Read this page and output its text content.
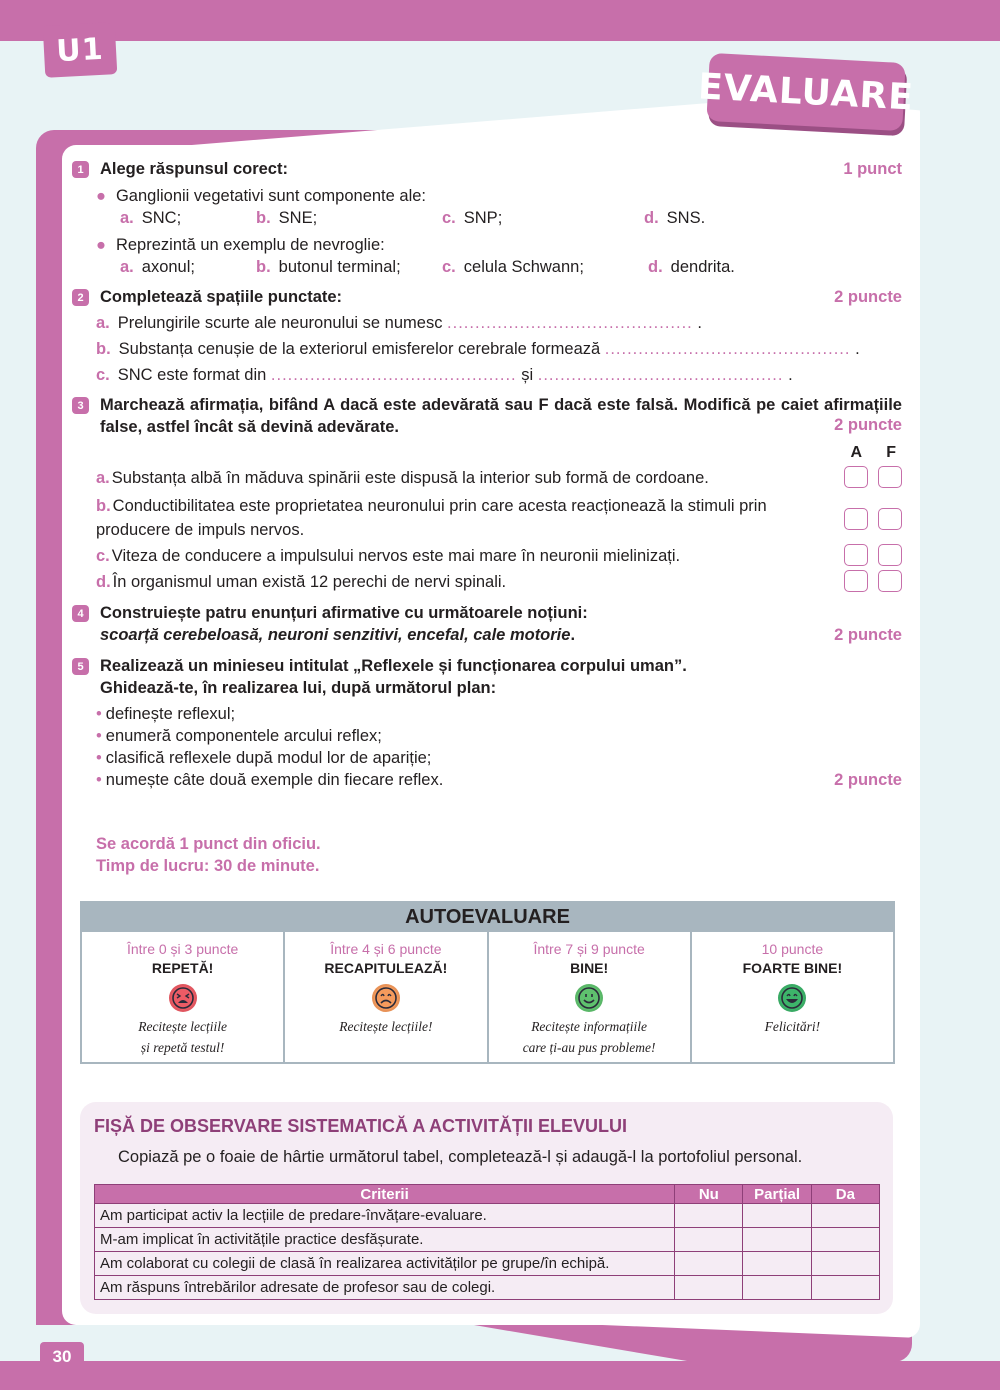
U1
EVALUARE
1 Alege răspunsul corect:	1 punct
● Ganglionii vegetativi sunt componente ale:
a. SNC;	b. SNE;	c. SNP;	d. SNS.
● Reprezintă un exemplu de nevroglie:
a. axonul;	b. butonul terminal;	c. celula Schwann;	d. dendrita.
2 Completează spațiile punctate:	2 puncte
a. Prelungirile scurte ale neuronului se numesc ............................................ .
b. Substanța cenușie de la exteriorul emisferelor cerebrale formează ............................................ .
c. SNC este format din ............................................ și ............................................ .
3 Marchează afirmația, bifând A dacă este adevărată sau F dacă este falsă. Modifică pe caiet afirmațiile false, astfel încât să devină adevărate.	2 puncte
A F
a. Substanța albă în măduva spinării este dispusă la interior sub formă de cordoane.
b. Conductibilitatea este proprietatea neuronului prin care acesta reacționează la stimuli prin producere de impuls nervos.
c. Viteza de conducere a impulsului nervos este mai mare în neuronii mielinizați.
d. În organismul uman există 12 perechi de nervi spinali.
4 Construiește patru enunțuri afirmative cu următoarele noțiuni:
scoarță cerebeloasă, neuroni senzitivi, encefal, cale motorie.	2 puncte
5 Realizează un minieseu intitulat „Reflexele și funcționarea corpului uman”. Ghidează-te, în realizarea lui, după următorul plan:
• definește reflexul;
• enumeră componentele arcului reflex;
• clasifică reflexele după modul lor de apariție;
• numește câte două exemple din fiecare reflex.	2 puncte
Se acordă 1 punct din oficiu.
Timp de lucru: 30 de minute.
AUTOEVALUARE
Între 0 și 3 puncte
REPETĂ!
Recitește lecțiile
și repetă testul!
Între 4 și 6 puncte
RECAPITULEAZĂ!
Recitește lecțiile!
Între 7 și 9 puncte
BINE!
Recitește informațiile
care ți-au pus probleme!
10 puncte
FOARTE BINE!
Felicitări!
FIȘĂ DE OBSERVARE SISTEMATICĂ A ACTIVITĂȚII ELEVULUI
Copiază pe o foaie de hârtie următorul tabel, completează-l și adaugă-l la portofoliul personal.
Criterii	Nu	Parțial	Da
Am participat activ la lecțiile de predare-învățare-evaluare.			
M-am implicat în activitățile practice desfășurate.			
Am colaborat cu colegii de clasă în realizarea activităților pe grupe/în echipă.			
Am răspuns întrebărilor adresate de profesor sau de colegi.			
30
